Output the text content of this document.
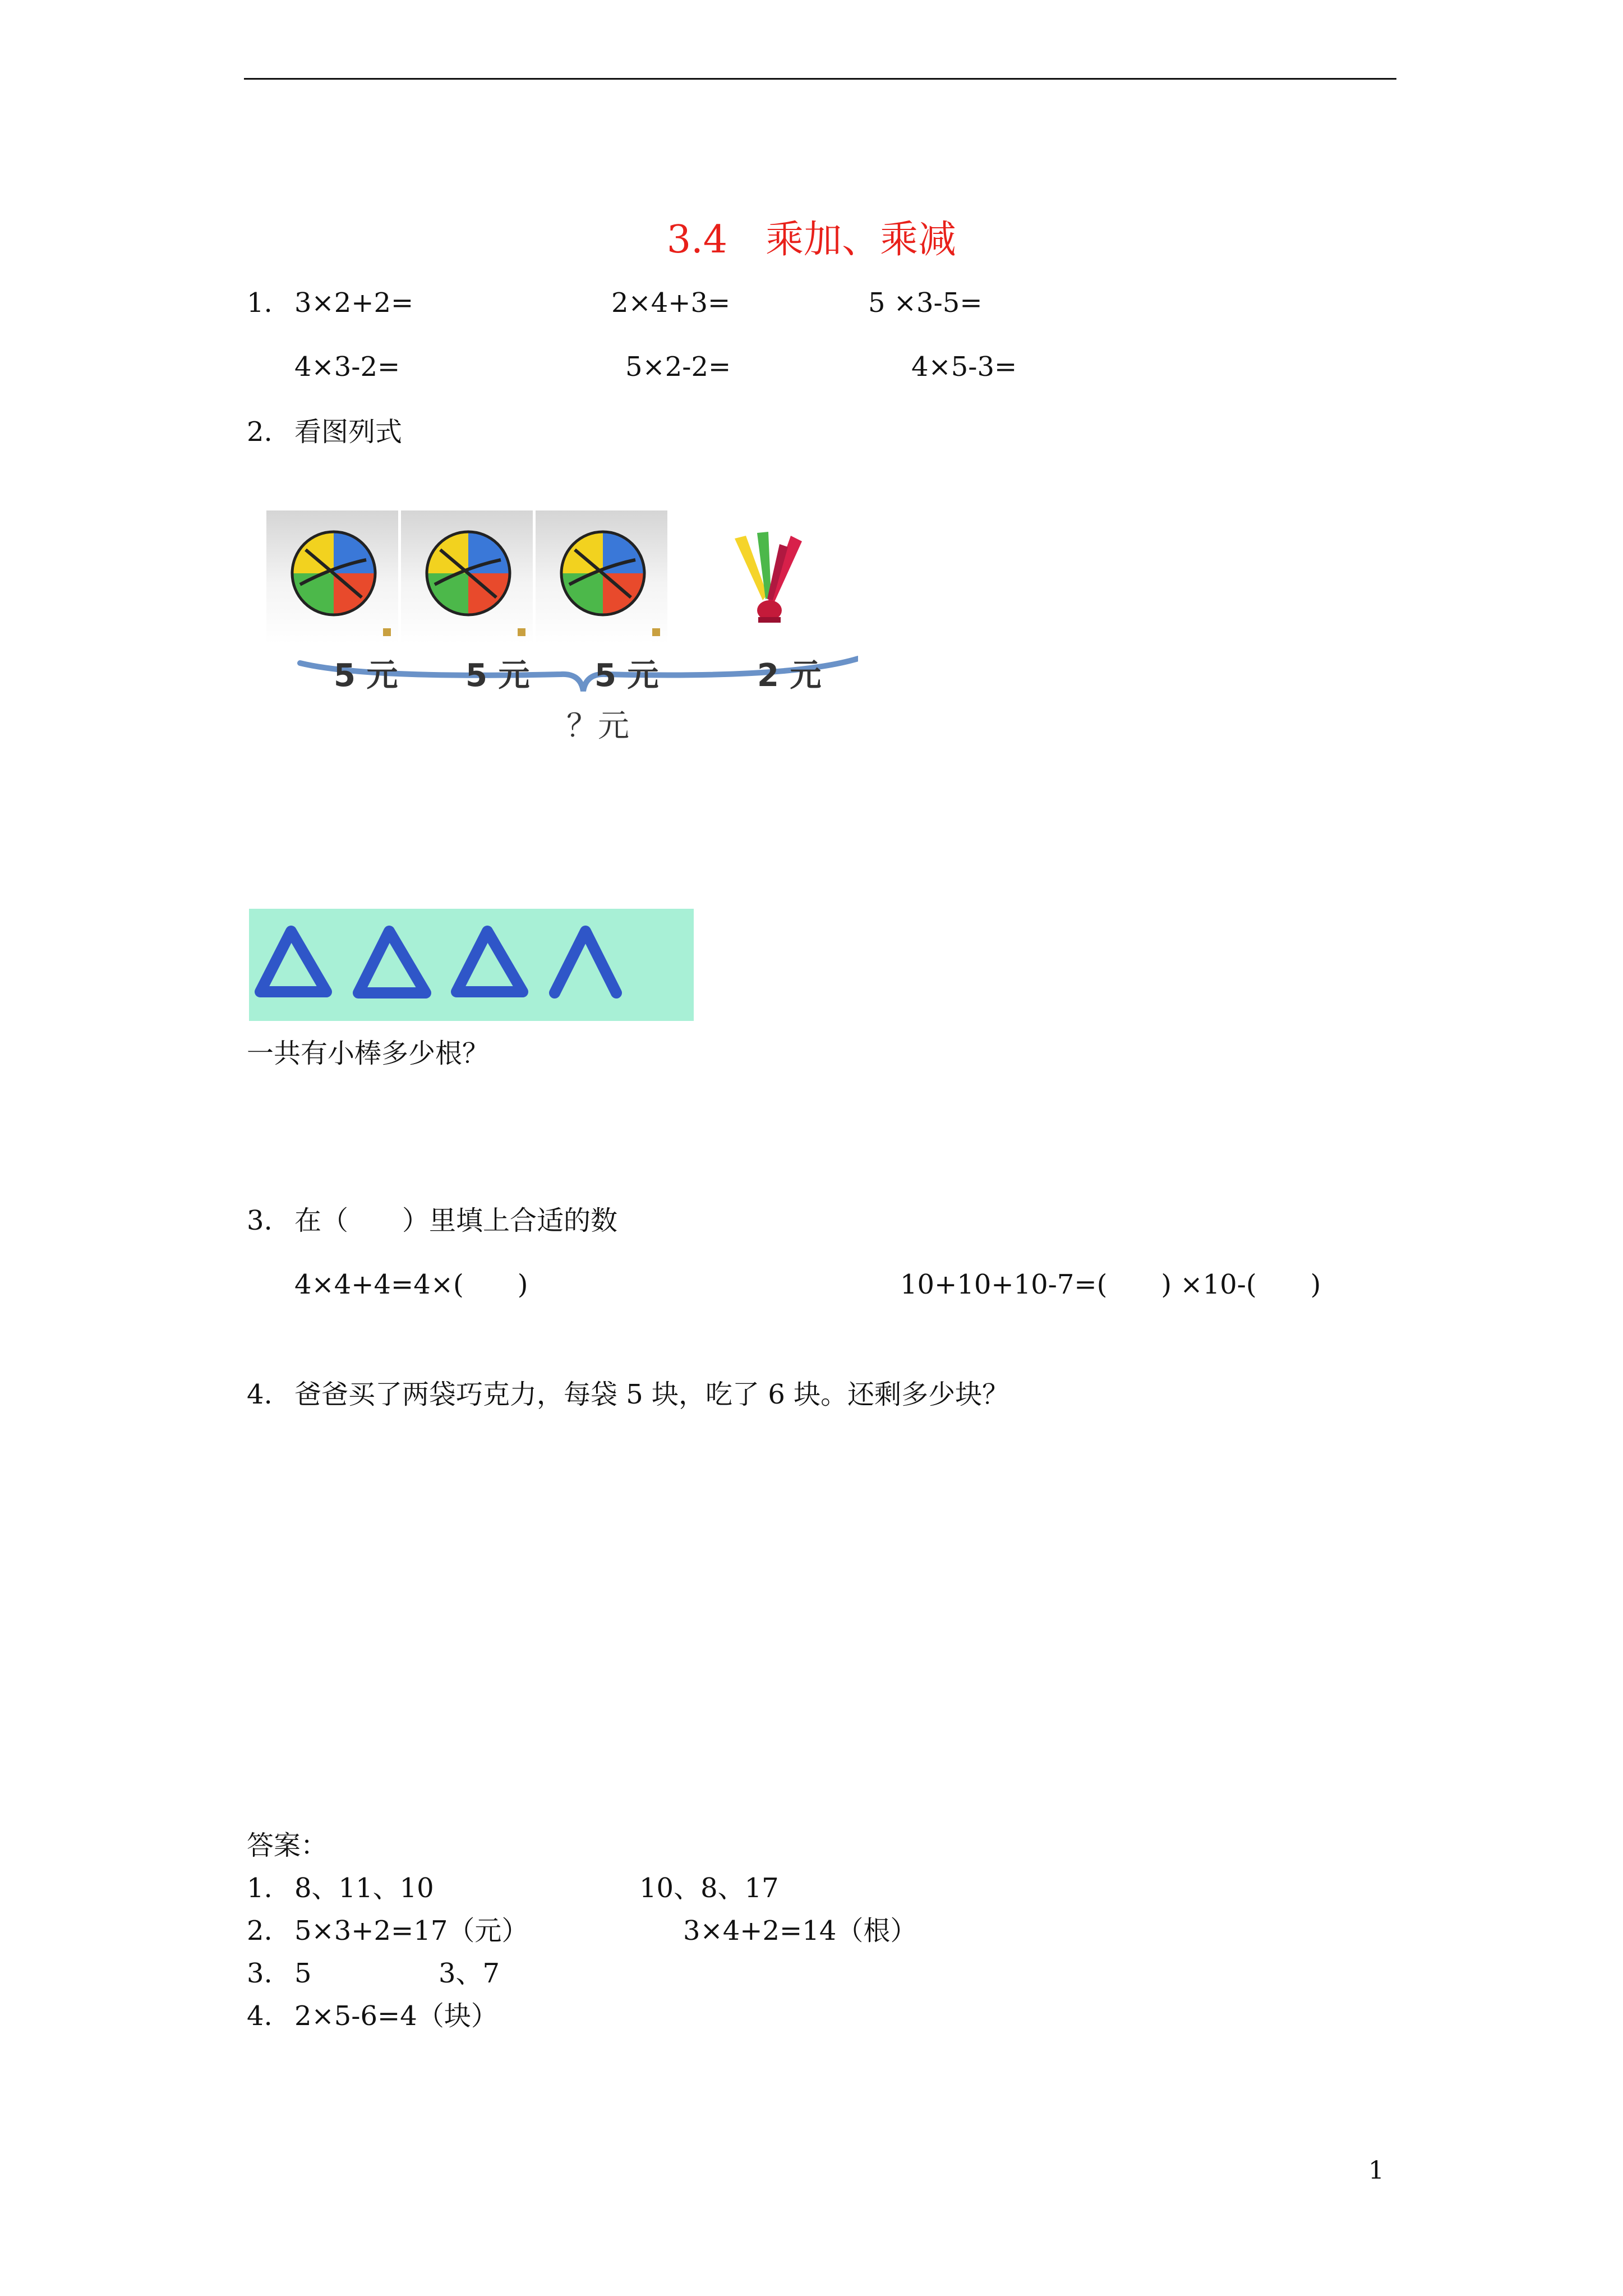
3.4　乘加、乘减
1. 3×2+2=	2×4+3=	5 ×3-5=
4×3-2=	5×2-2=	4×5-3=
2. 看图列式
5 元 5 元 5 元	2 元
？元
一共有小棒多少根？
3. 在（　　）里填上合适的数
4×4+4=4×(　　)	10+10+10-7=(　　) ×10-(　　)
4. 爸爸买了两袋巧克力，每袋 5 块，吃了 6 块。还剩多少块？
答案：
1. 8、11、10	10、8、17
2. 5×3+2=17（元）	3×4+2=14（根）
3. 5	3、7
4. 2×5-6=4（块）
1
